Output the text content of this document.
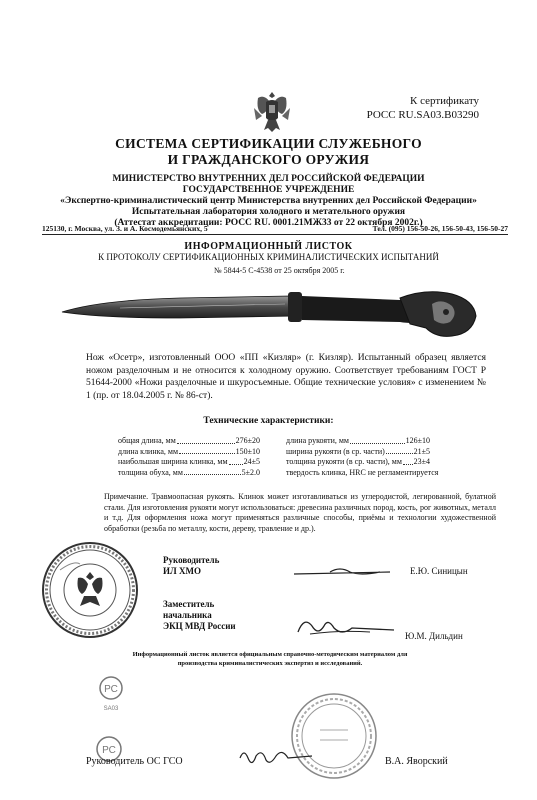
К сертификату
РОСС RU.SA03.B03290
СИСТЕМА СЕРТИФИКАЦИИ СЛУЖЕБНОГО
И ГРАЖДАНСКОГО ОРУЖИЯ
МИНИСТЕРСТВО ВНУТРЕННИХ ДЕЛ РОССИЙСКОЙ ФЕДЕРАЦИИ
ГОСУДАРСТВЕННОЕ УЧРЕЖДЕНИЕ
«Экспертно-криминалистический центр Министерства внутренних дел Российской Федерации»
Испытательная лаборатория холодного и метательного оружия
(Аттестат аккредитации: РОСС RU. 0001.21МЖ33 от 22 октября 2002г.)
125130, г. Москва, ул. З. и А. Космодемьянских, 5	Тел. (095) 156-50-26, 156-50-43, 156-50-27
ИНФОРМАЦИОННЫЙ ЛИСТОК
К ПРОТОКОЛУ СЕРТИФИКАЦИОННЫХ КРИМИНАЛИСТИЧЕСКИХ ИСПЫТАНИЙ
№ 5844-5 С-4538 от 25 октября 2005 г.
Нож «Осетр», изготовленный ООО «ПП «Кизляр» (г. Кизляр). Испытанный образец является ножом разделочным и не относится к холодному оружию. Соответствует требованиям ГОСТ Р 51644-2000 «Ножи разделочные и шкуросъемные. Общие технические условия» с изменением № 1 (пр. от 18.04.2005 г. № 86-ст).
Технические характеристики:
общая длина, мм	276±20
длина клинка, мм	150±10
наибольшая ширина клинка, мм 24±5
толщина обуха, мм	5±2.0
длина рукояти, мм	126±10
ширина рукояти (в ср. части)	21±5
толщина рукояти (в ср. части), мм 23±4
твердость клинка, HRC не регламентируется
Примечание. Травмоопасная рукоять. Клинок может изготавливаться из углеродистой, легированной, булатной стали. Для изготовления рукояти могут использоваться: древесина различных пород, кость, рог животных, металл и т.д. Для оформления ножа могут применяться различные способы, приёмы и технологии художественной обработки (резьба по металлу, кости, дереву, травление и др.).
Руководитель
ИЛ ХМО	Е.Ю. Синицын
Заместитель
начальника
ЭКЦ МВД России
Ю.М. Дильдин
Информационный листок является официальным справочно-методическим материалом для производства криминалистических экспертиз и исследований.
РС
SA03
РС
Руководитель ОС ГСО	В.А. Яворский
